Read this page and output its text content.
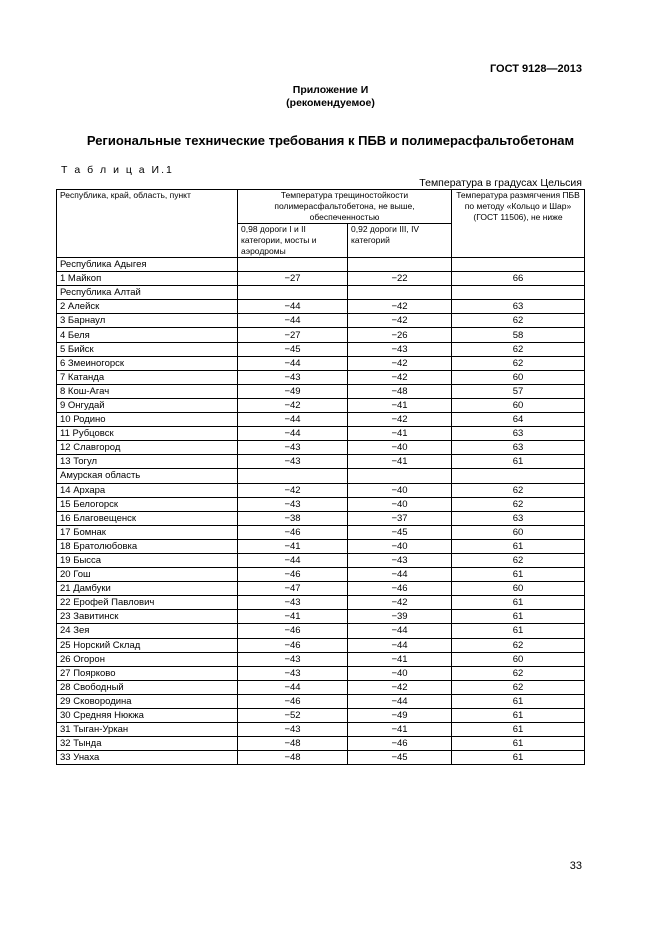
ГОСТ 9128—2013
Приложение И
(рекомендуемое)
Региональные технические требования к ПБВ и полимерасфальтобетонам
Т а б л и ц а И.1
Температура в градусах Цельсия
Республика, край, область, пункт	Температура трещиностойкости полимерасфальтобетона, не выше, обеспеченностью		Температура размягчения ПБВ по методу «Кольцо и Шар» (ГОСТ 11506), не ниже
	0,98 дороги I и II категории, мосты и аэродромы	0,92 дороги III, IV категорий	
Республика Адыгея			
1 Майкоп	−27	−22	66
Республика Алтай			
2 Алейск	−44	−42	63
3 Барнаул	−44	−42	62
4 Беля	−27	−26	58
5 Бийск	−45	−43	62
6 Змеиногорск	−44	−42	62
7 Катанда	−43	−42	60
8 Кош-Агач	−49	−48	57
9 Онгудай	−42	−41	60
10 Родино	−44	−42	64
11 Рубцовск	−44	−41	63
12 Славгород	−43	−40	63
13 Тогул	−43	−41	61
Амурская область			
14 Архара	−42	−40	62
15 Белогорск	−43	−40	62
16 Благовещенск	−38	−37	63
17 Бомнак	−46	−45	60
18 Братолюбовка	−41	−40	61
19 Бысса	−44	−43	62
20 Гош	−46	−44	61
21 Дамбуки	−47	−46	60
22 Ерофей Павлович	−43	−42	61
23 Завитинск	−41	−39	61
24 Зея	−46	−44	61
25 Норский Склад	−46	−44	62
26 Огорон	−43	−41	60
27 Поярково	−43	−40	62
28 Свободный	−44	−42	62
29 Сковородина	−46	−44	61
30 Средняя Нюкжа	−52	−49	61
31 Тыган-Уркан	−43	−41	61
32 Тында	−48	−46	61
33 Унаха	−48	−45	61
33
